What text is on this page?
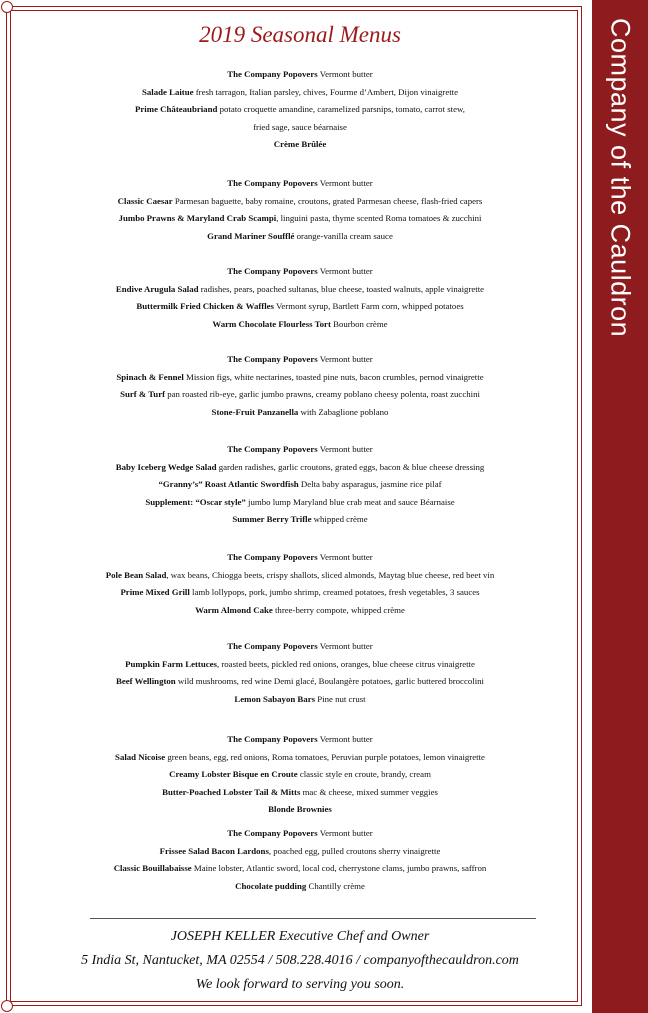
Company of the Cauldron
2019 Seasonal Menus
The Company Popovers Vermont butter
Salade Laitue fresh tarragon, Italian parsley, chives, Fourme d’Ambert, Dijon vinaigrette
Prime Châteaubriand potato croquette amandine, caramelized parsnips, tomato, carrot stew,
fried sage, sauce béarnaise
Crème Brûlée
The Company Popovers Vermont butter
Classic Caesar Parmesan baguette, baby romaine, croutons, grated Parmesan cheese, flash-fried capers
Jumbo Prawns & Maryland Crab Scampi, linguini pasta, thyme scented Roma tomatoes & zucchini
Grand Mariner Soufflé orange-vanilla cream sauce
The Company Popovers Vermont butter
Endive Arugula Salad radishes, pears, poached sultanas, blue cheese, toasted walnuts, apple vinaigrette
Buttermilk Fried Chicken & Waffles Vermont syrup, Bartlett Farm corn, whipped potatoes
Warm Chocolate Flourless Tort Bourbon crème
The Company Popovers Vermont butter
Spinach & Fennel Mission figs, white nectarines, toasted pine nuts, bacon crumbles, pernod vinaigrette
Surf & Turf pan roasted rib-eye, garlic jumbo prawns, creamy poblano cheesy polenta, roast zucchini
Stone-Fruit Panzanella with Zabaglione poblano
The Company Popovers Vermont butter
Baby Iceberg Wedge Salad garden radishes, garlic croutons, grated eggs, bacon & blue cheese dressing
“Granny’s” Roast Atlantic Swordfish Delta baby asparagus, jasmine rice pilaf
Supplement: “Oscar style” jumbo lump Maryland blue crab meat and sauce Béarnaise
Summer Berry Trifle whipped crème
The Company Popovers Vermont butter
Pole Bean Salad, wax beans, Chiogga beets, crispy shallots, sliced almonds, Maytag blue cheese, red beet vin
Prime Mixed Grill lamb lollypops, pork, jumbo shrimp, creamed potatoes, fresh vegetables, 3 sauces
Warm Almond Cake three-berry compote, whipped crème
The Company Popovers Vermont butter
Pumpkin Farm Lettuces, roasted beets, pickled red onions, oranges, blue cheese citrus vinaigrette
Beef Wellington wild mushrooms, red wine Demi glacé, Boulangère potatoes, garlic buttered broccolini
Lemon Sabayon Bars Pine nut crust
The Company Popovers Vermont butter
Salad Nicoise green beans, egg, red onions, Roma tomatoes, Peruvian purple potatoes, lemon vinaigrette
Creamy Lobster Bisque en Croute classic style en croute, brandy, cream
Butter-Poached Lobster Tail & Mitts mac & cheese, mixed summer veggies
Blonde Brownies
The Company Popovers Vermont butter
Frissee Salad Bacon Lardons, poached egg, pulled croutons sherry vinaigrette
Classic Bouillabaisse Maine lobster, Atlantic sword, local cod, cherrystone clams, jumbo prawns, saffron
Chocolate pudding Chantilly crème
JOSEPH KELLER Executive Chef and Owner
5 India St, Nantucket, MA 02554 / 508.228.4016 / companyofthecauldron.com
We look forward to serving you soon.
